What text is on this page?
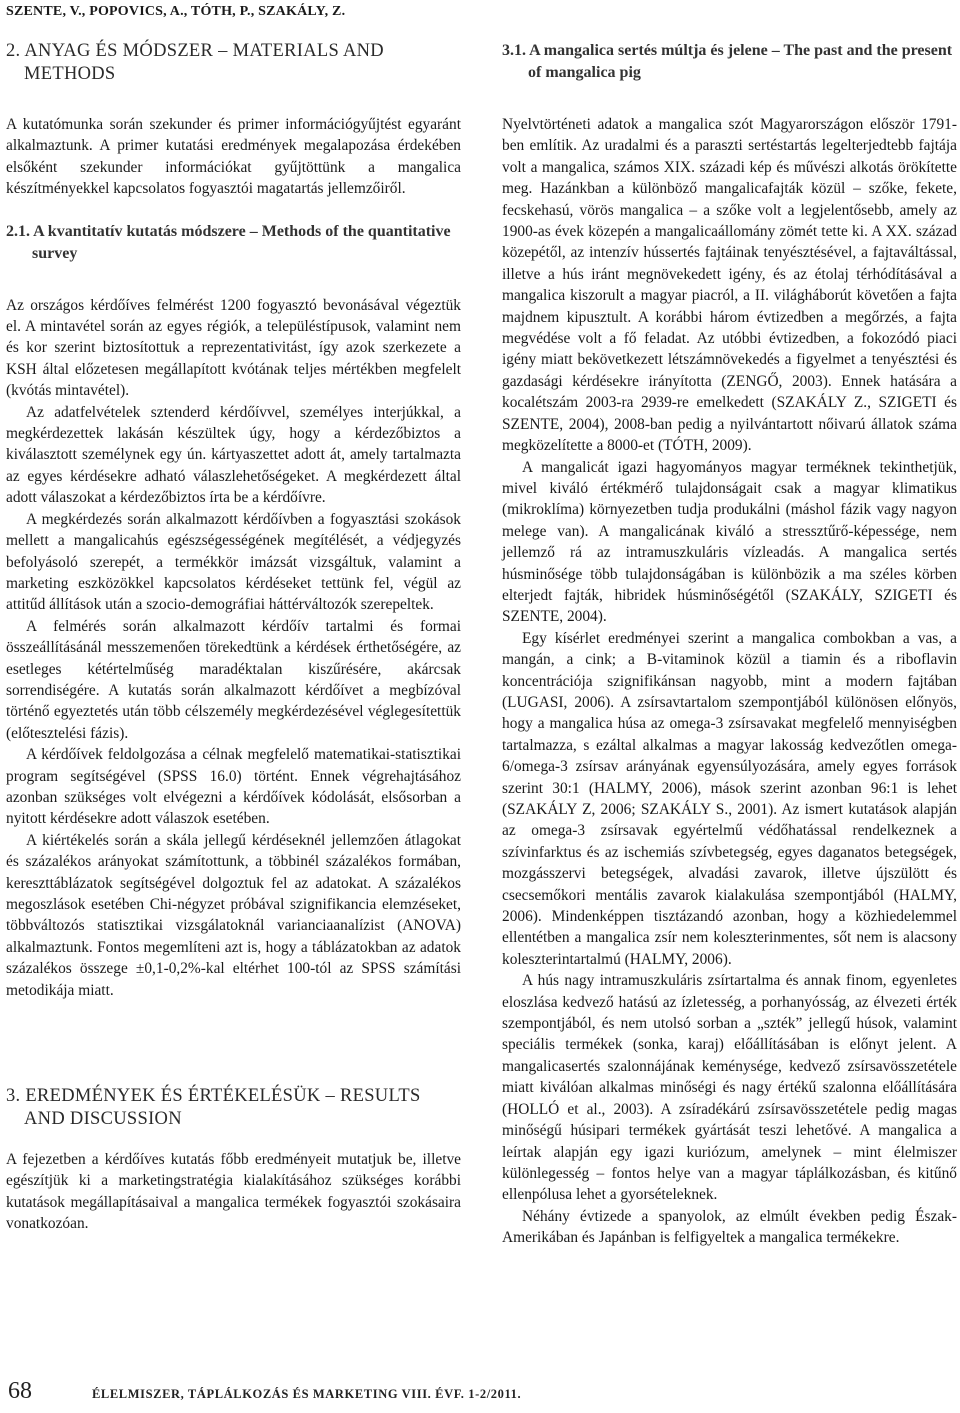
SZENTE, V., POPOVICS, A., TÓTH, P., SZAKÁLY, Z.
2. ANYAG ÉS MÓDSZER – MATERIALS AND METHODS

A kutatómunka során szekunder és primer információgyűjtést egyaránt alkalmaztunk. A primer kutatási eredmények megalapozása érdekében elsőként szekunder információkat gyűjtöttünk a mangalica készítményekkel kapcsolatos fogyasztói magatartás jellemzőiről.

2.1. A kvantitatív kutatás módszere – Methods of the quantitative survey

Az országos kérdőíves felmérést 1200 fogyasztó bevonásával végeztük el. A mintavétel során az egyes régiók, a településtípusok, valamint nem és kor szerint biztosítottuk a reprezentativitást, így azok szerkezete a KSH által előzetesen megállapított kvótának teljes mértékben megfelelt (kvótás mintavétel).

Az adatfelvételek sztenderd kérdőívvel, személyes interjúkkal, a megkérdezettek lakásán készültek úgy, hogy a kérdezőbiztos a kiválasztott személynek egy ún. kártyaszettet adott át, amely tartalmazta az egyes kérdésekre adható válaszlehetőségeket. A megkérdezett által adott válaszokat a kérdezőbiztos írta be a kérdőívre.

A megkérdezés során alkalmazott kérdőívben a fogyasztási szokások mellett a mangalicahús egészségességének megítélését, a védjegyzés befolyásoló szerepét, a termékkör imázsát vizsgáltuk, valamint a marketing eszközökkel kapcsolatos kérdéseket tettünk fel, végül az attitűd állítások után a szocio-demográfiai háttérváltozók szerepeltek.

A felmérés során alkalmazott kérdőív tartalmi és formai összeállításánál messzemenően törekedtünk a kérdések érthetőségére, az esetleges kétértelműség maradéktalan kiszűrésére, akárcsak sorrendiségére. A kutatás során alkalmazott kérdőívet a megbízóval történő egyeztetés után több célszemély megkérdezésével véglegesítettük (előtesztelési fázis).

A kérdőívek feldolgozása a célnak megfelelő matematikai-statisztikai program segítségével (SPSS 16.0) történt. Ennek végrehajtásához azonban szükséges volt elvégezni a kérdőívek kódolását, elsősorban a nyitott kérdésekre adott válaszok esetében.

A kiértékelés során a skála jellegű kérdéseknél jellemzően átlagokat és százalékos arányokat számítottunk, a többinél százalékos formában, kereszttáblázatok segítségével dolgoztuk fel az adatokat. A százalékos megoszlások esetében Chi-négyzet próbával szignifikancia elemzéseket, többváltozós statisztikai vizsgálatoknál varianciaanalízist (ANOVA) alkalmaztunk. Fontos megemlíteni azt is, hogy a táblázatokban az adatok százalékos összege ±0,1-0,2%-kal eltérhet 100-tól az SPSS számítási metodikája miatt.

3. EREDMÉNYEK ÉS ÉRTÉKELÉSÜK – RESULTS AND DISCUSSION

A fejezetben a kérdőíves kutatás főbb eredményeit mutatjuk be, illetve egészítjük ki a marketingstratégia kialakításához szükséges korábbi kutatások megállapításaival a mangalica termékek fogyasztói szokásaira vonatkozóan.

3.1. A mangalica sertés múltja és jelene – The past and the present of mangalica pig

Nyelvtörténeti adatok a mangalica szót Magyarországon először 1791-ben említik. Az uradalmi és a paraszti sertéstartás legelterjedtebb fajtája volt a mangalica, számos XIX. századi kép és művészi alkotás örökítette meg. Hazánkban a különböző mangalicafajták közül – szőke, fekete, fecskehasú, vörös mangalica – a szőke volt a legjelentősebb, amely az 1900-as évek közepén a mangalicaállomány zömét tette ki. A XX. század közepétől, az intenzív hússertés fajtáinak tenyésztésével, a fajtaváltással, illetve a hús iránt megnövekedett igény, és az étolaj térhódításával a mangalica kiszorult a magyar piacról, a II. világháborút követően a fajta majdnem kipusztult. A korábbi három évtizedben a megőrzés, a fajta megvédése volt a fő feladat. Az utóbbi évtizedben, a fokozódó piaci igény miatt bekövetkezett létszámnövekedés a figyelmet a tenyésztési és gazdasági kérdésekre irányította (ZENGŐ, 2003). Ennek hatására a kocalétszám 2003-ra 2939-re emelkedett (SZAKÁLY Z., SZIGETI és SZENTE, 2004), 2008-ban pedig a nyilvántartott nőivarú állatok száma megközelítette a 8000-et (TÓTH, 2009).

A mangalicát igazi hagyományos magyar terméknek tekinthetjük, mivel kiváló értékmérő tulajdonságait csak a magyar klimatikus (mikroklíma) környezetben tudja produkálni (máshol fázik vagy nagyon melege van). A mangalicának kiváló a stressztűrő-képessége, nem jellemző rá az intramuszkuláris vízleadás. A mangalica sertés húsminősége több tulajdonságában is különbözik a ma széles körben elterjedt fajták, hibridek húsminőségétől (SZAKÁLY, SZIGETI és SZENTE, 2004).

Egy kísérlet eredményei szerint a mangalica combokban a vas, a mangán, a cink; a B-vitaminok közül a tiamin és a riboflavin koncentrációja szignifikánsan nagyobb, mint a modern fajtában (LUGASI, 2006). A zsírsavtartalom szempontjából különösen előnyös, hogy a mangalica húsa az omega-3 zsírsavakat megfelelő mennyiségben tartalmazza, s ezáltal alkalmas a magyar lakosság kedvezőtlen omega-6/omega-3 zsírsav arányának egyensúlyozására, amely egyes források szerint 30:1 (HALMY, 2006), mások szerint azonban 96:1 is lehet (SZAKÁLY Z, 2006; SZAKÁLY S., 2001). Az ismert kutatások alapján az omega-3 zsírsavak egyértelmű védőhatással rendelkeznek a szívinfarktus és az ischemiás szívbetegség, egyes daganatos betegségek, mozgásszervi betegségek, alvadási zavarok, illetve újszülött és csecsemőkori mentális zavarok kialakulása szempontjából (HALMY, 2006). Mindenképpen tisztázandó azonban, hogy a közhiedelemmel ellentétben a mangalica zsír nem koleszterinmentes, sőt nem is alacsony koleszterintartalmú (HALMY, 2006).

A hús nagy intramuszkuláris zsírtartalma és annak finom, egyenletes eloszlása kedvező hatású az ízletesség, a porhanyósság, az élvezeti érték szempontjából, és nem utolsó sorban a „szték” jellegű húsok, valamint speciális termékek (sonka, karaj) előállításában is előnyt jelent. A mangalicasertés szalonnájának keménysége, kedvező zsírsavösszetétele miatt kiválóan alkalmas minőségi és nagy értékű szalonna előállítására (HOLLÓ et al., 2003). A zsíradékárú zsírsavösszetétele pedig magas minőségű húsipari termékek gyártását teszi lehetővé. A mangalica a leírtak alapján egy igazi kuriózum, amelynek – mint élelmiszer különlegesség – fontos helye van a magyar táplálkozásban, és kitűnő ellenpólusa lehet a gyorsételeknek.

Néhány évtizede a spanyolok, az elmúlt években pedig Észak-Amerikában és Japánban is felfigyeltek a mangalica termékekre.

68	ÉLELMISZER, TÁPLÁLKOZÁS ÉS MARKETING VIII. ÉVF. 1-2/2011.
